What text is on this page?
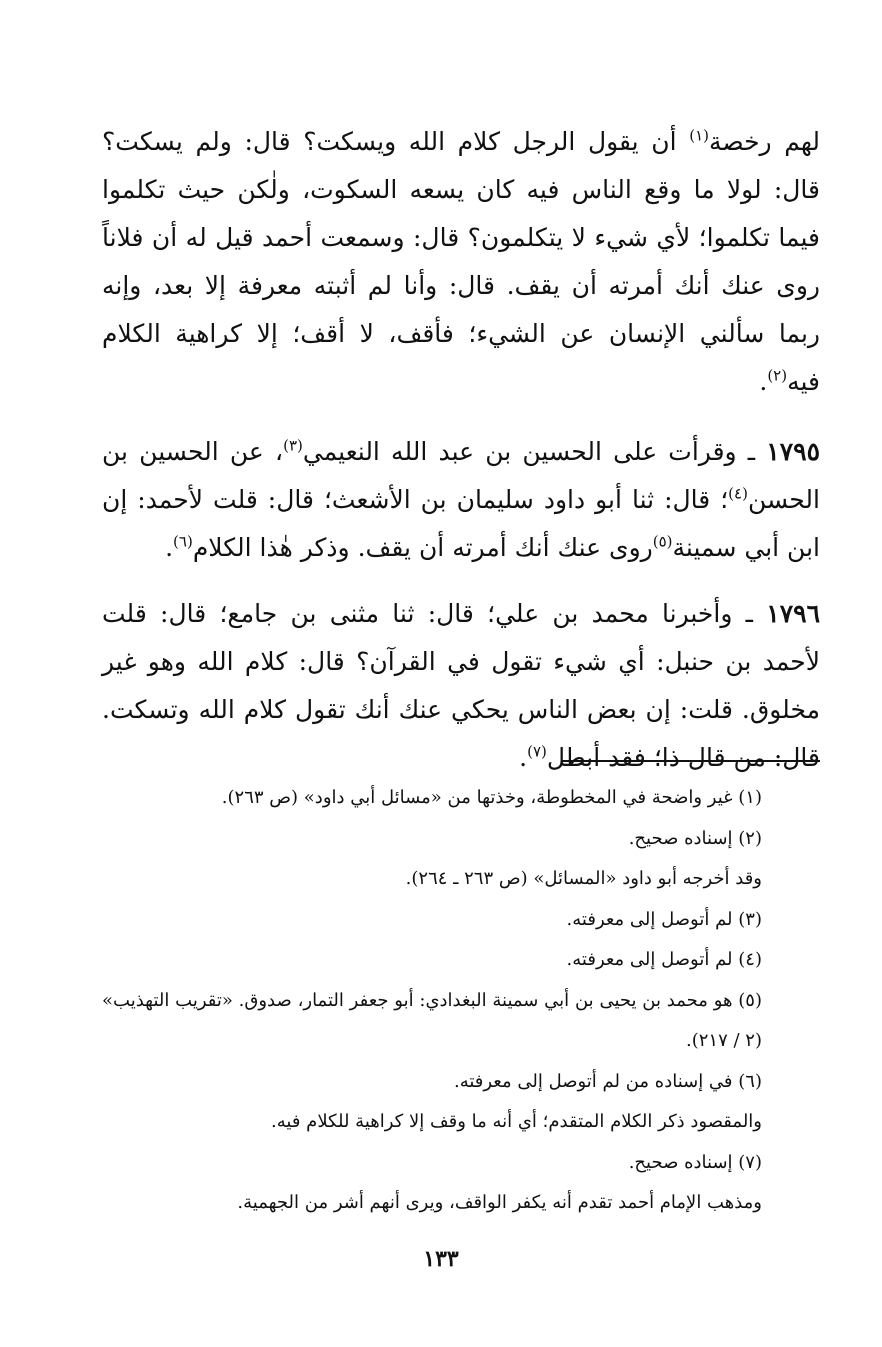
لهم رخصة$^{(١)}$ أن يقول الرجل كلام الله ويسكت؟ قال: ولم يسكت؟ قال: لولا ما وقع الناس فيه كان يسعه السكوت، ولٰكن حيث تكلموا فيما تكلموا؛ لأي شيء لا يتكلمون؟ قال: وسمعت أحمد قيل له أن فلاناً روى عنك أنك أمرته أن يقف. قال: وأنا لم أثبته معرفة إلا بعد، وإنه ربما سألني الإنسان عن الشيء؛ فأقف، لا أقف؛ إلا كراهية الكلام فيه$^{(٢)}$.

١٧٩٥ ـ وقرأت على الحسين بن عبد الله النعيمي$^{(٣)}$، عن الحسين بن الحسن$^{(٤)}$؛ قال: ثنا أبو داود سليمان بن الأشعث؛ قال: قلت لأحمد: إن ابن أبي سمينة$^{(٥)}$روى عنك أنك أمرته أن يقف. وذكر هٰذا الكلام$^{(٦)}$.

١٧٩٦ ـ وأخبرنا محمد بن علي؛ قال: ثنا مثنى بن جامع؛ قال: قلت لأحمد بن حنبل: أي شيء تقول في القرآن؟ قال: كلام الله وهو غير مخلوق. قلت: إن بعض الناس يحكي عنك أنك تقول كلام الله وتسكت. قال: من قال ذا؛ فقد أبطل$^{(٧)}$.

(١) غير واضحة في المخطوطة، وخذتها من «مسائل أبي داود» (ص ٢٦٣).

(٢) إسناده صحيح.

وقد أخرجه أبو داود «المسائل» (ص ٢٦٣ ـ ٢٦٤).

(٣) لم أتوصل إلى معرفته.

(٤) لم أتوصل إلى معرفته.

(٥) هو محمد بن يحيى بن أبي سمينة البغدادي: أبو جعفر التمار، صدوق. «تقريب التهذيب» (٢ / ٢١٧).

(٦) في إسناده من لم أتوصل إلى معرفته.

والمقصود ذكر الكلام المتقدم؛ أي أنه ما وقف إلا كراهية للكلام فيه.

(٧) إسناده صحيح.

ومذهب الإمام أحمد تقدم أنه يكفر الواقف، ويرى أنهم أشر من الجهمية.

١٣٣
